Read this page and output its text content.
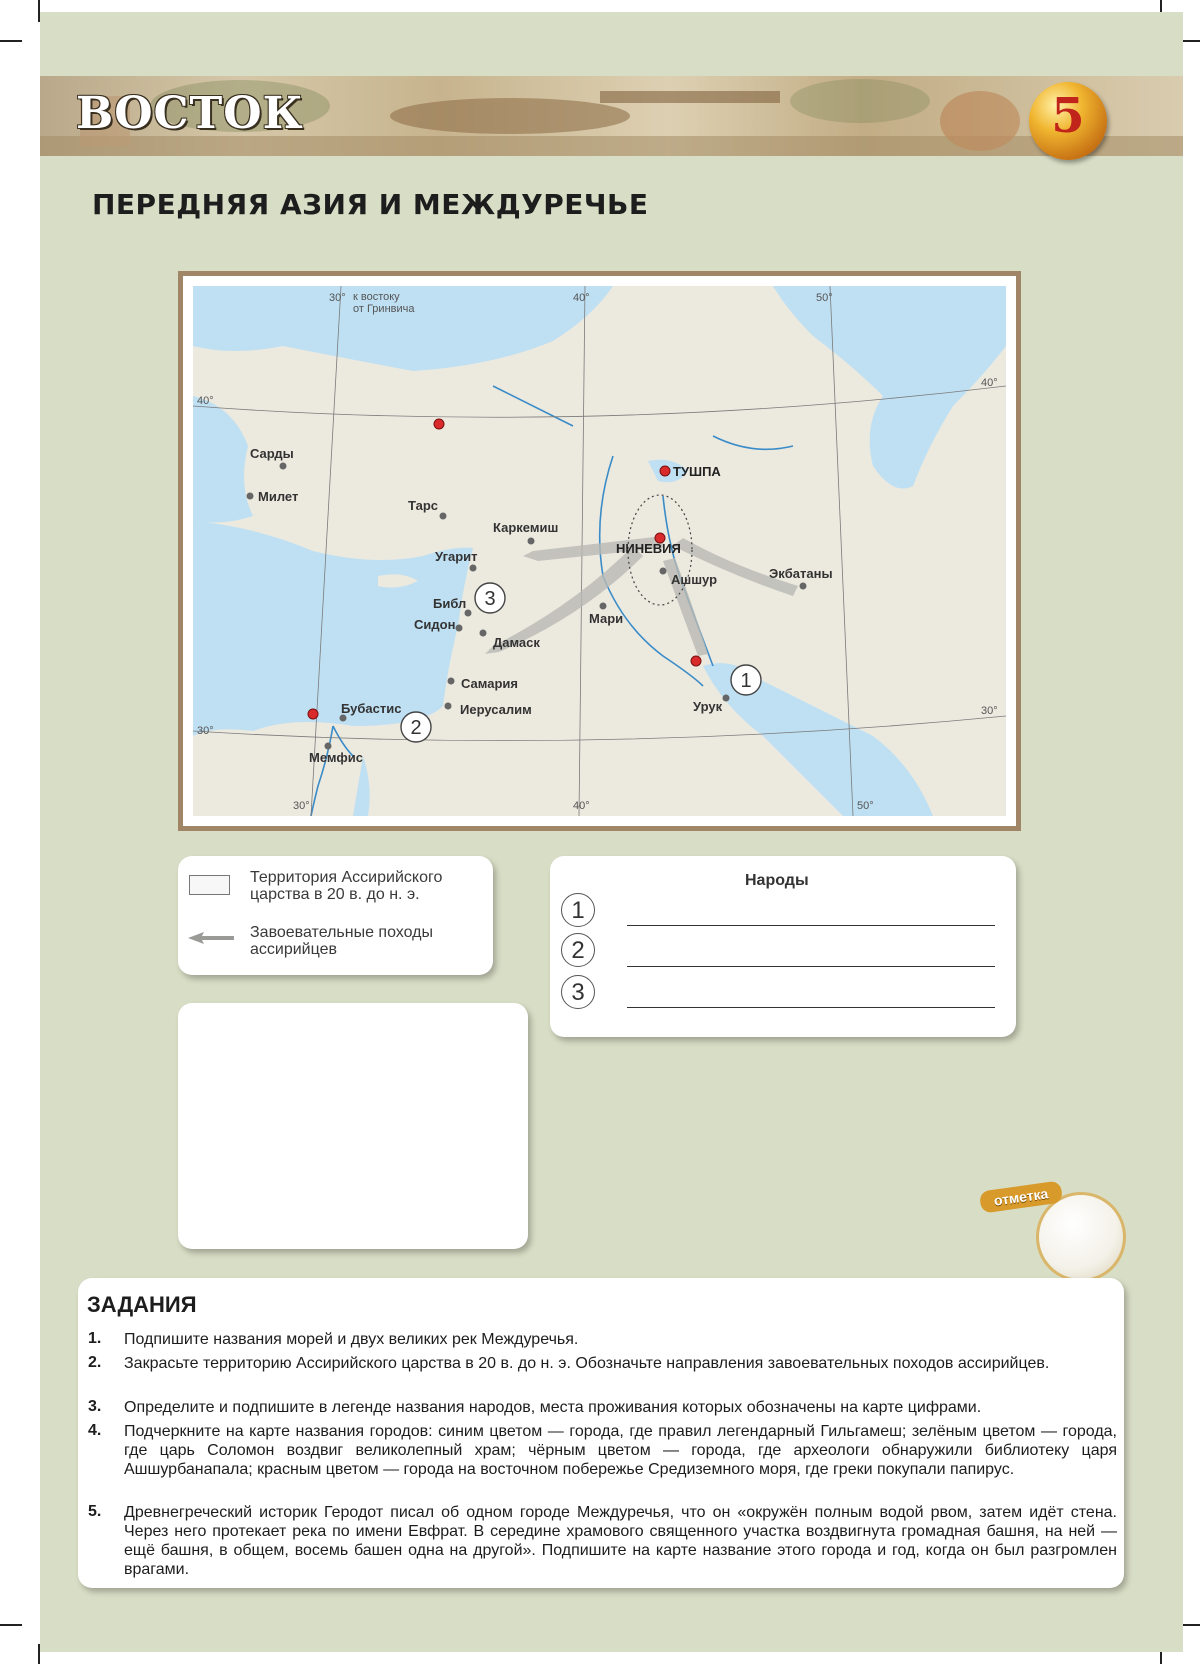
ВОСТОК	5
ПЕРЕДНЯЯ АЗИЯ И МЕЖДУРЕЧЬЕ
30°	40°	50°
30°	40°	50°
40°
40°
30°
30°
к востоку от Гринвича
Сарды
Милет
Тарс
Каркемиш
Угарит
Библ
Сидон
Дамаск
Самария
Иерусалим
Бубастис
Мемфис
ТУШПА
НИНЕВИЯ
Ашшур
Мари
Экбатаны
Урук
1
2
3
Территория Ассирийского
царства в 20 в. до н. э.
Завоевательные походы
ассирийцев
Народы
1
2
3
отметка
ЗАДАНИЯ
1. Подпишите названия морей и двух великих рек Междуречья.
2. Закрасьте территорию Ассирийского царства в 20 в. до н. э. Обозначьте направления завоевательных походов ассирийцев.
3. Определите и подпишите в легенде названия народов, места проживания которых обозначены на карте цифрами.
4. Подчеркните на карте названия городов: синим цветом — города, где правил легендарный Гильгамеш; зелёным цветом — города, где царь Соломон воздвиг великолепный храм; чёрным цветом — города, где археологи обнаружили библиотеку царя Ашшурбанапала; красным цветом — города на восточном побережье Средиземного моря, где греки покупали папирус.
5. Древнегреческий историк Геродот писал об одном городе Междуречья, что он «окружён полным водой рвом, затем идёт стена. Через него протекает река по имени Евфрат. В середине храмового священного участка воздвигнута громадная башня, на ней — ещё башня, в общем, восемь башен одна на другой». Подпишите на карте название этого города и год, когда он был разгромлен врагами.
